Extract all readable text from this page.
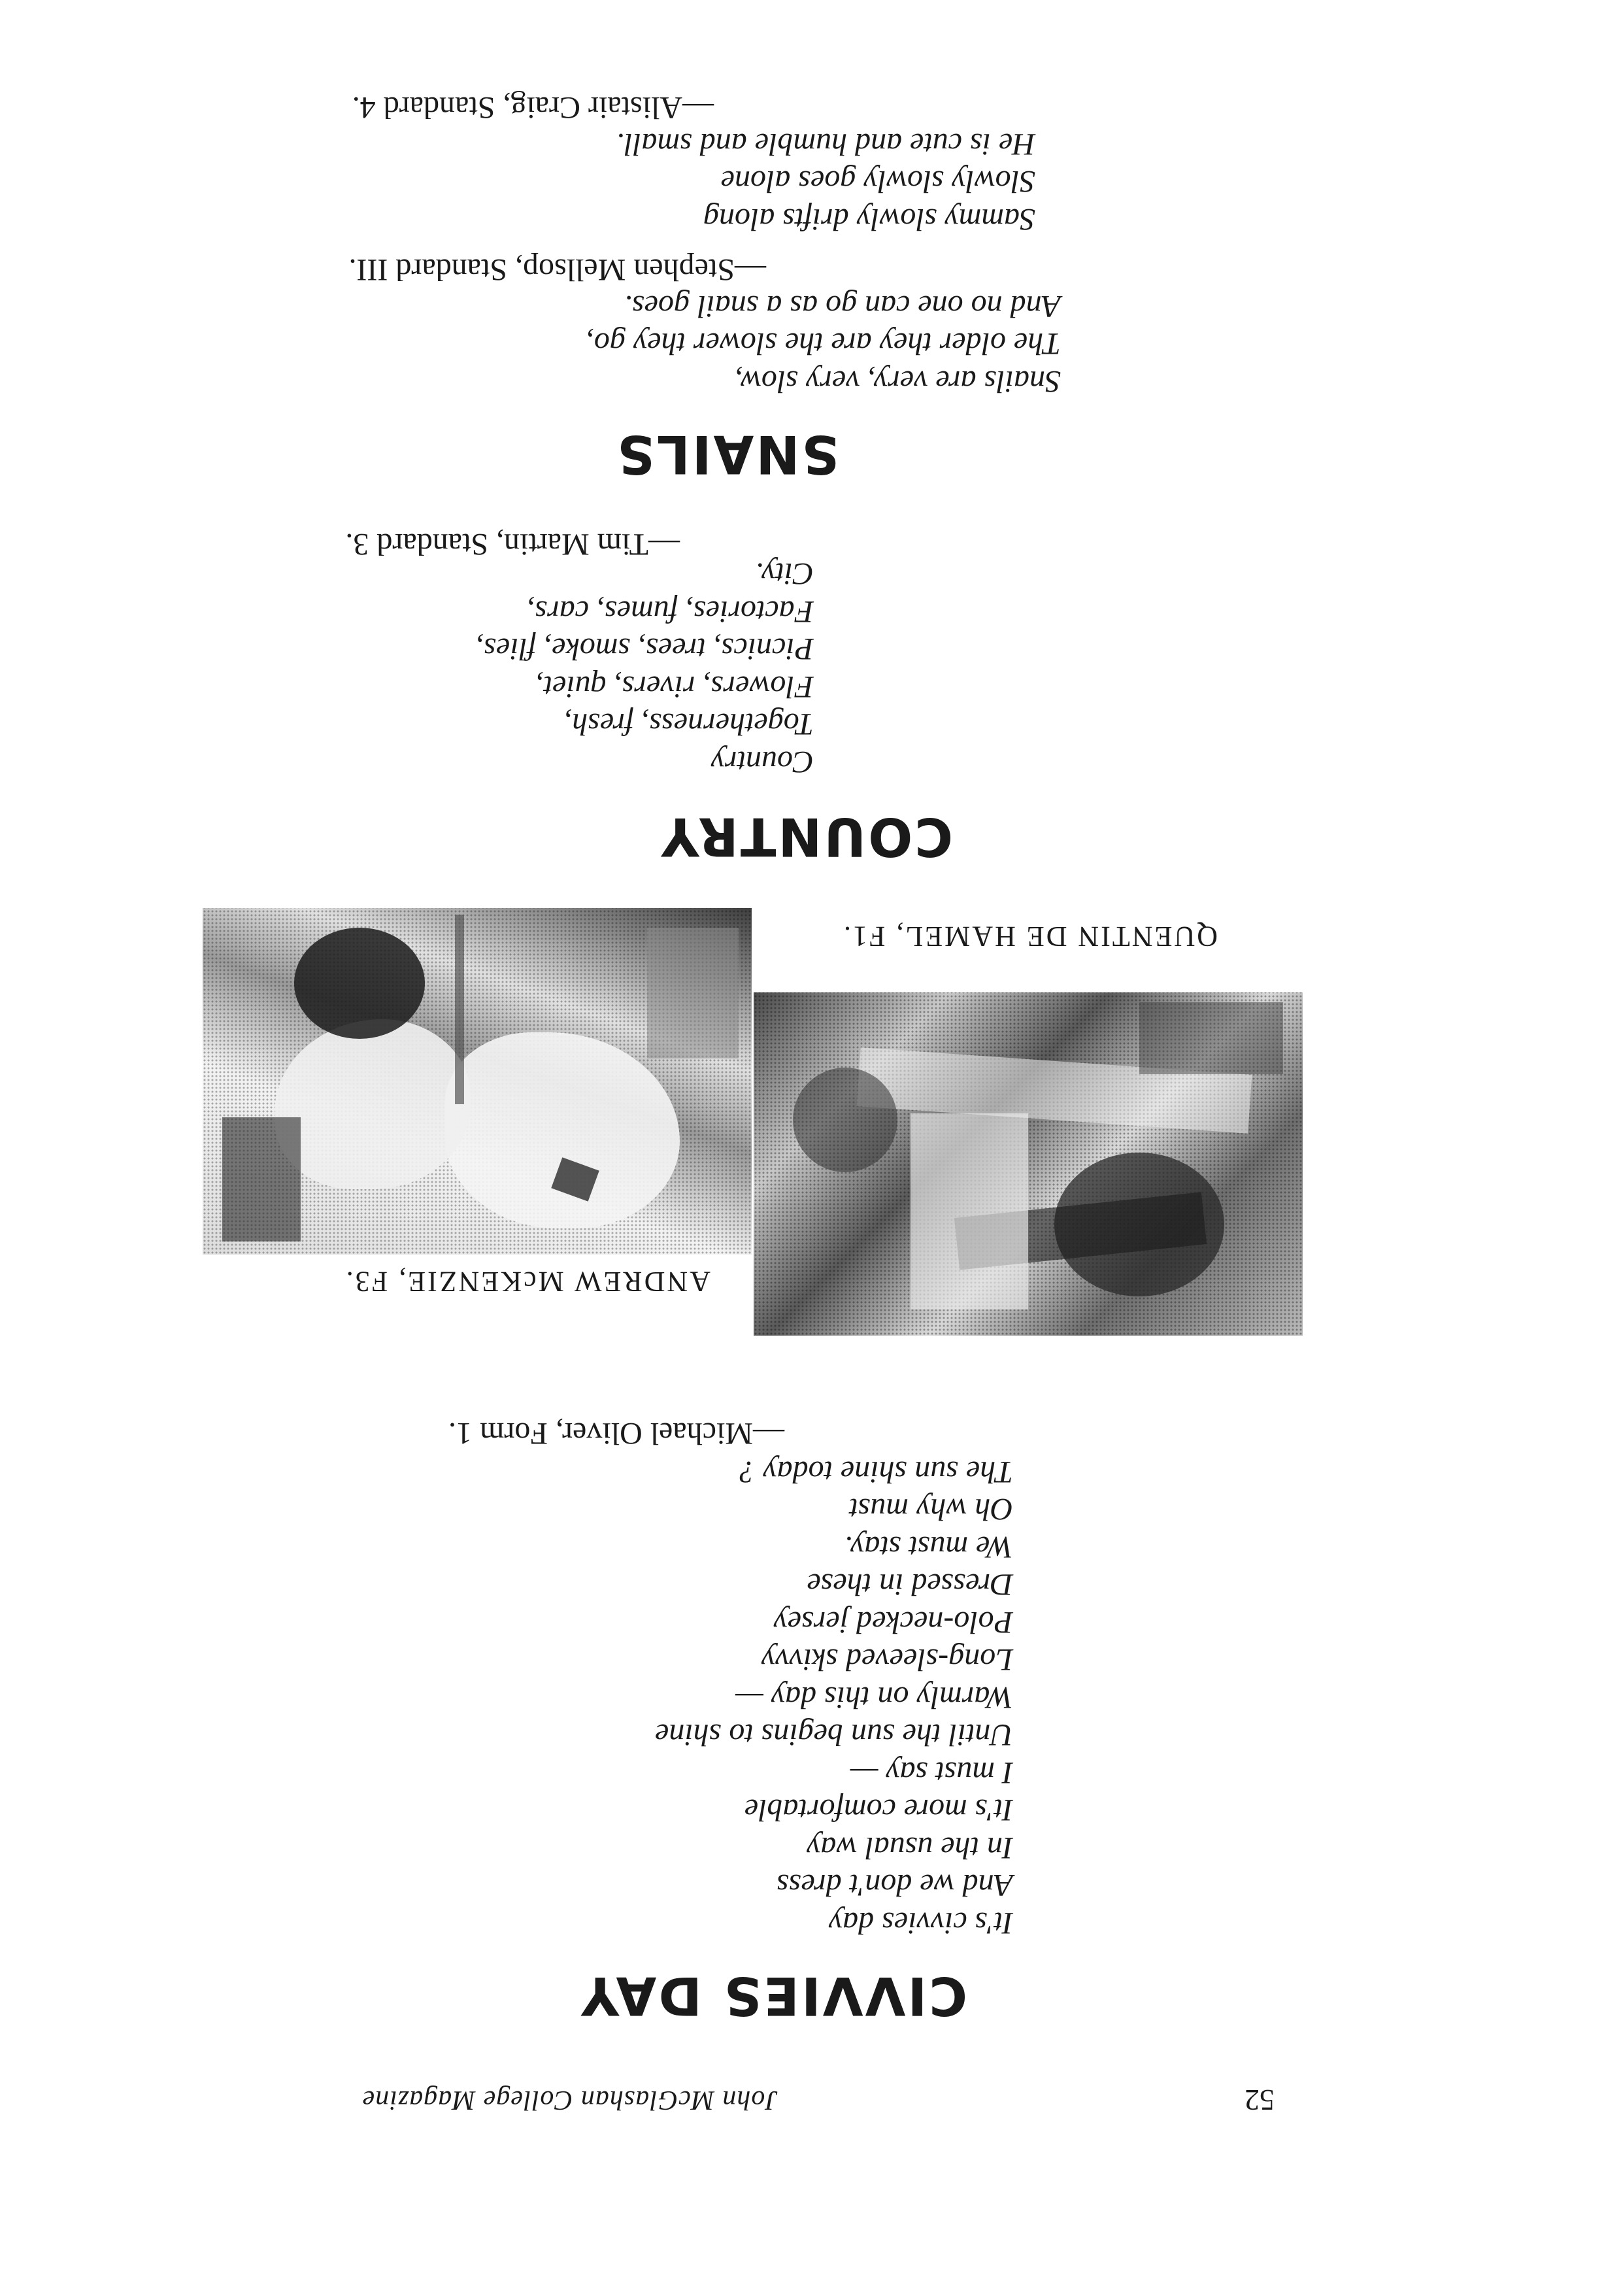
52
John McGlashan College Magazine
CIVVIES DAY
It's civvies day
And we don't dress
In the usual way
It's more comfortable
I must say —
Until the sun begins to shine
Warmly on this day —
Long-sleeved skivvy
Polo-necked jersey
Dressed in these
We must stay.
Oh why must
The sun shine today ?
—Michael Oliver, Form 1.
ANDREW McKENZIE, F3.
QUENTIN DE HAMEL, F1.
COUNTRY
Country
Togetherness, fresh,
Flowers, rivers, quiet,
Picnics, trees, smoke, flies,
Factories, fumes, cars,
City.
—Tim Martin, Standard 3.
SNAILS
Snails are very, very slow,
The older they are the slower they go,
And no one can go as a snail goes.
—Stephen Mellsop, Standard III.
Sammy slowly drifts along
Slowly slowly goes alone
He is cute and humble and small.
—Alistair Craig, Standard 4.
